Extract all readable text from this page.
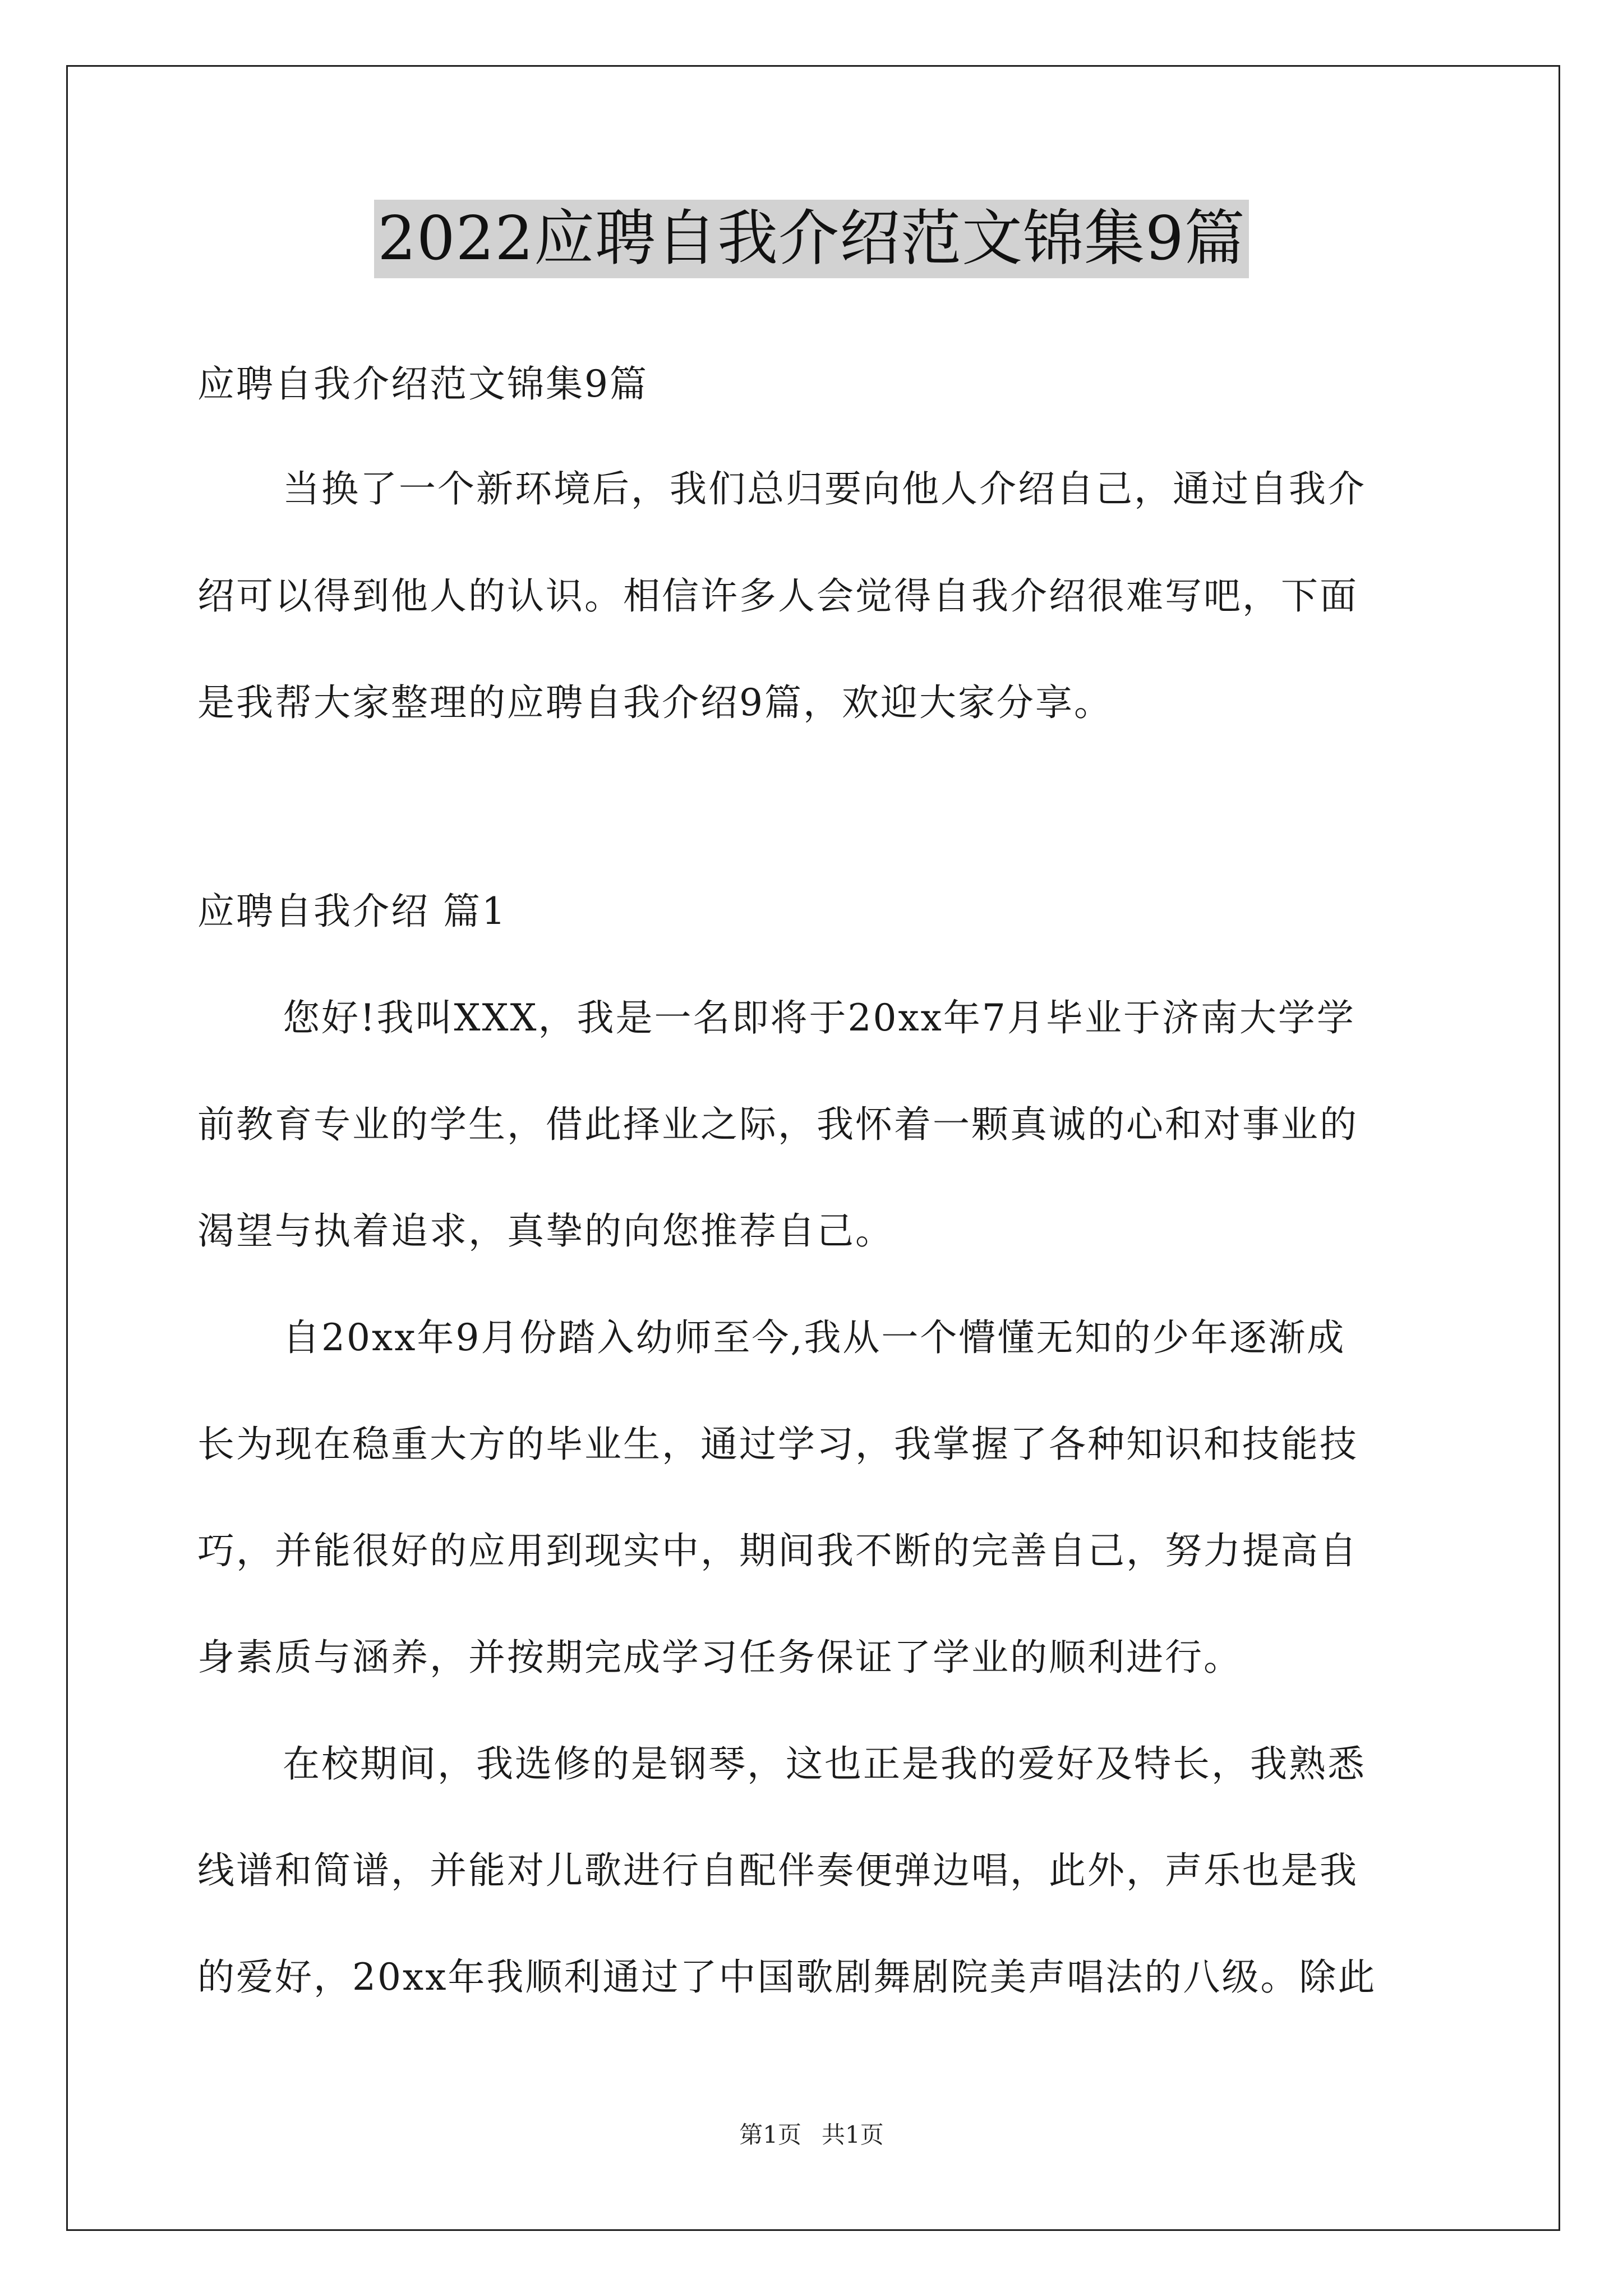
2022应聘自我介绍范文锦集9篇
应聘自我介绍范文锦集9篇
当换了一个新环境后，我们总归要向他人介绍自己，通过自我介
绍可以得到他人的认识。相信许多人会觉得自我介绍很难写吧，下面
是我帮大家整理的应聘自我介绍9篇，欢迎大家分享。
应聘自我介绍 篇1
您好!我叫XXX，我是一名即将于20xx年7月毕业于济南大学学
前教育专业的学生，借此择业之际，我怀着一颗真诚的心和对事业的
渴望与执着追求，真挚的向您推荐自己。
自20xx年9月份踏入幼师至今,我从一个懵懂无知的少年逐渐成
长为现在稳重大方的毕业生，通过学习，我掌握了各种知识和技能技
巧，并能很好的应用到现实中，期间我不断的完善自己，努力提高自
身素质与涵养，并按期完成学习任务保证了学业的顺利进行。
在校期间，我选修的是钢琴，这也正是我的爱好及特长，我熟悉
线谱和简谱，并能对儿歌进行自配伴奏便弹边唱，此外，声乐也是我
的爱好，20xx年我顺利通过了中国歌剧舞剧院美声唱法的八级。除此
第1页 共1页
